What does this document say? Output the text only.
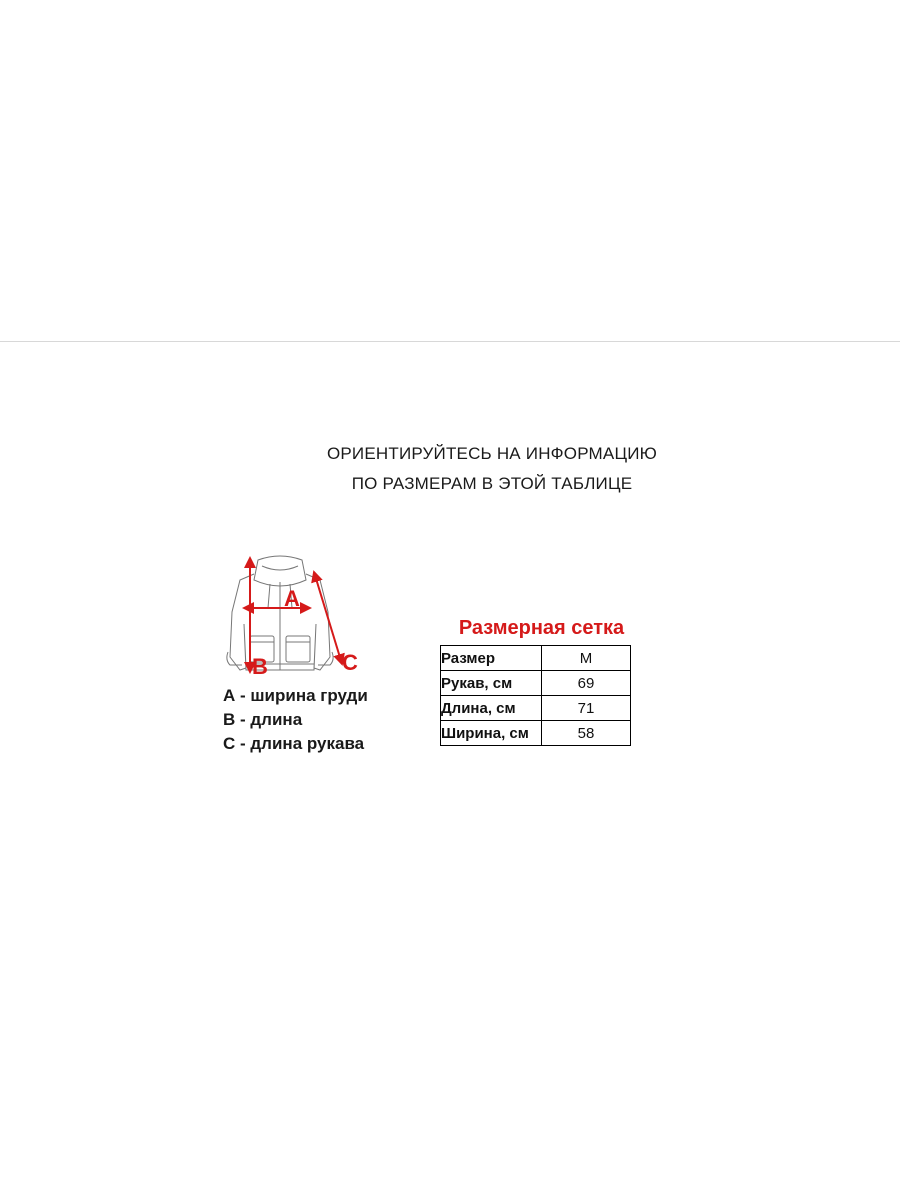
ОРИЕНТИРУЙТЕСЬ НА ИНФОРМАЦИЮ
ПО РАЗМЕРАМ В ЭТОЙ ТАБЛИЦЕ
A
B	C
А - ширина груди
В - длина
С - длина рукава
Размерная сетка
Размер	M
Рукав, см	69
Длина, см	71
Ширина, см	58
